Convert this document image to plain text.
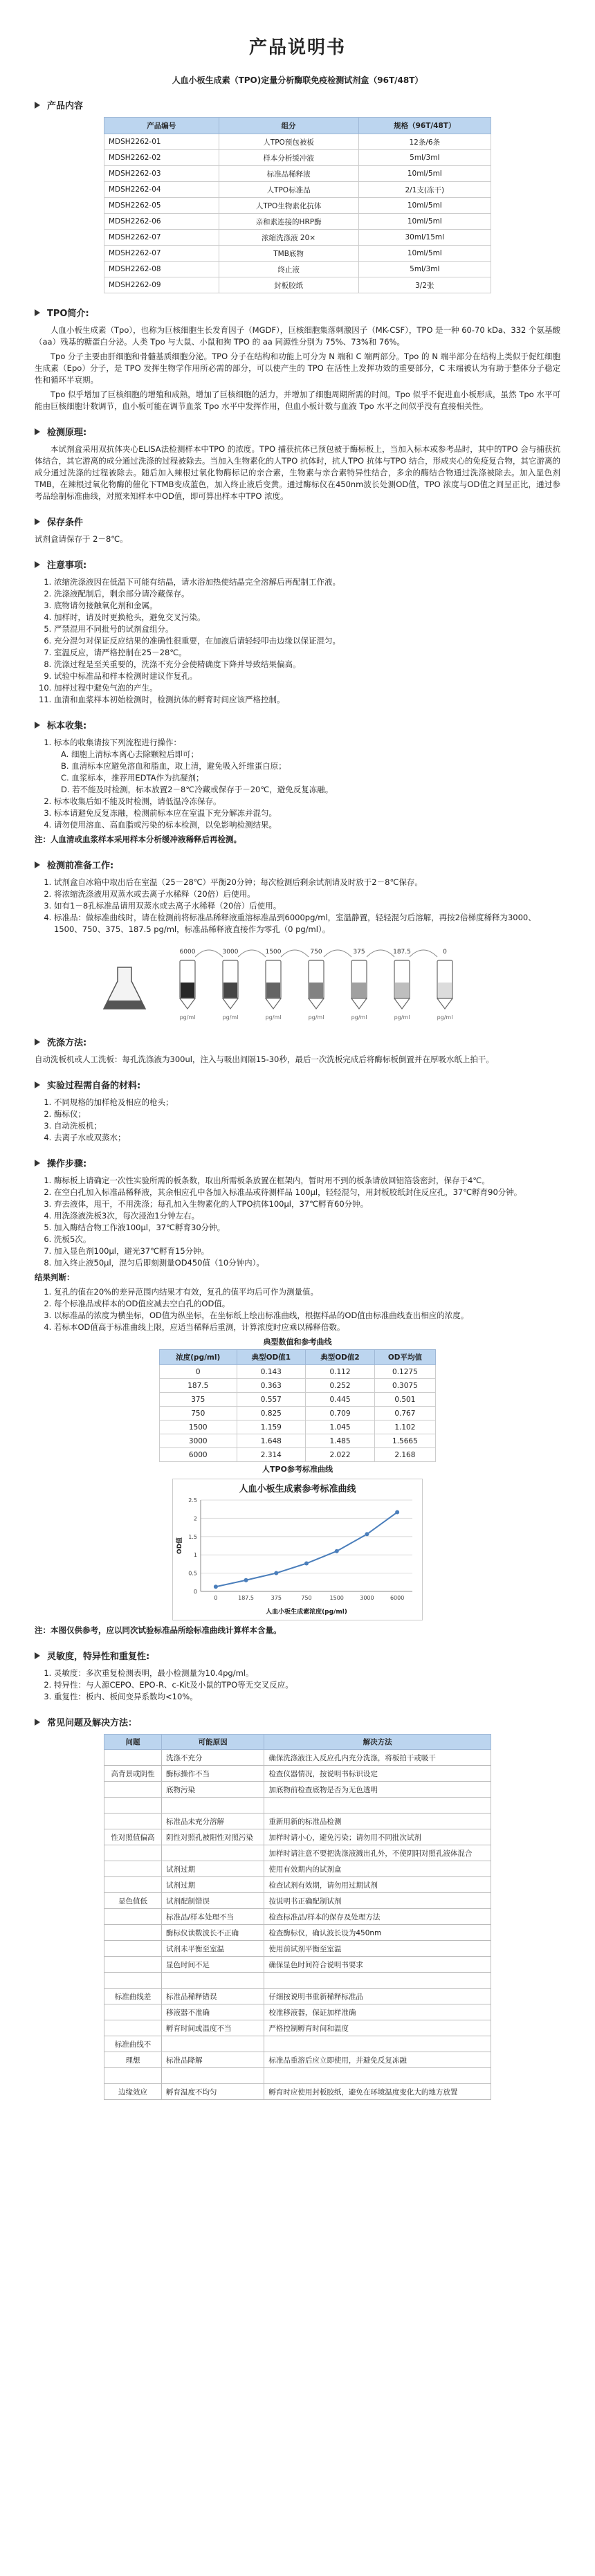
产品说明书
人血小板生成素（TPO)定量分析酶联免疫检测试剂盒（96T/48T）
产品内容
产品编号	组分	规格（96T/48T）
MDSH2262-01	人TPO预包被板	12条/6条
MDSH2262-02	样本分析缓冲液	5ml/3ml
MDSH2262-03	标准品稀释液	10ml/5ml
MDSH2262-04	人TPO标准品	2/1支(冻干)
MDSH2262-05	人TPO生物素化抗体	10ml/5ml
MDSH2262-06	亲和素连接的HRP酶	10ml/5ml
MDSH2262-07	浓缩洗涤液 20×	30ml/15ml
MDSH2262-07	TMB底物	10ml/5ml
MDSH2262-08	终止液	5ml/3ml
MDSH2262-09	封板胶纸	3/2张
TPO简介:

人血小板生成素（Tpo），也称为巨核细胞生长发育因子（MGDF），巨核细胞集落刺激因子（MK-CSF），TPO 是一种 60-70 kDa、332 个氨基酸（aa）残基的糖蛋白分泌。人类 Tpo 与大鼠、小鼠和狗 TPO 的 aa 同源性分别为 75%、73%和 76%。

Tpo 分子主要由肝细胞和骨髓基质细胞分泌。TPO 分子在结构和功能上可分为 N 端和 C 端两部分。Tpo 的 N 端半部分在结构上类似于促红细胞生成素（Epo）分子，是 TPO 发挥生物学作用所必需的部分，可以使产生的 TPO 在活性上发挥功效的重要部分，C 末端被认为有助于整体分子稳定性和循环半衰期。

Tpo 似乎增加了巨核细胞的增殖和成熟，增加了巨核细胞的活力，并增加了细胞周期所需的时间。Tpo 似乎不促进血小板形成，虽然 Tpo 水平可能由巨核细胞计数调节，血小板可能在调节血浆 Tpo 水平中发挥作用，但血小板计数与血液 Tpo 水平之间似乎没有直接相关性。

检测原理:

本试剂盒采用双抗体夹心ELISA法检测样本中TPO 的浓度。TPO 捕获抗体已预包被于酶标板上，当加入标本或参考品时，其中的TPO 会与捕获抗体结合，其它游离的成分通过洗涤的过程被除去。当加入生物素化的人TPO 抗体时，抗人TPO 抗体与TPO 结合，形成夹心的免疫复合物，其它游离的成分通过洗涤的过程被除去。随后加入辣根过氧化物酶标记的亲合素，生物素与亲合素特异性结合，多余的酶结合物通过洗涤被除去。加入显色剂TMB，在辣根过氧化物酶的催化下TMB变成蓝色，加入终止液后变黄。通过酶标仪在450nm波长处测OD值，TPO 浓度与OD值之间呈正比，通过参考品绘制标准曲线，对照来知样本中OD值，即可算出样本中TPO 浓度。

保存条件

试剂盒请保存于 2－8℃。

注意事项:
1. 浓缩洗涤液因在低温下可能有结晶，请水浴加热使结晶完全溶解后再配制工作液。
2. 洗涤液配制后，剩余部分请冷藏保存。
3. 底物请勿接触氧化剂和金属。
4. 加样时，请及时更换枪头，避免交叉污染。
5. 严禁混用不同批号的试剂盒组分。
6. 充分混匀对保证反应结果的准确性很重要，在加液后请轻轻叩击边缘以保证混匀。
7. 室温反应，请严格控制在25－28℃。
8. 洗涤过程是至关重要的，洗涤不充分会使精确度下降并导致结果偏高。
9. 试验中标准品和样本检测时建议作复孔。
10. 加样过程中避免气泡的产生。
11. 血清和血浆样本初始检测时，检测抗体的孵育时间应该严格控制。
标本收集:
1. 标本的收集请按下列流程进行操作：
A. 细胞上清标本离心去除颗粒后即可；
B. 血清标本应避免溶血和脂血，取上清，避免吸入纤维蛋白原；
C. 血浆标本，推荐用EDTA作为抗凝剂；
D. 若不能及时检测，标本放置2－8℃冷藏或保存于－20℃，避免反复冻融。
2. 标本收集后如不能及时检测，请低温冷冻保存。
3. 标本请避免反复冻融，检测前标本应在室温下充分解冻并混匀。
4. 请勿使用溶血、高血脂或污染的标本检测，以免影响检测结果。

注：人血清或血浆样本采用样本分析缓冲液稀释后再检测。

检测前准备工作:
1. 试剂盒自冰箱中取出后在室温（25－28℃）平衡20分钟；每次检测后剩余试剂请及时放于2－8℃保存。
2. 将浓缩洗涤液用双蒸水或去离子水稀释（20倍）后使用。
3. 如有1－8孔标准品请用双蒸水或去离子水稀释（20倍）后使用。
4. 标准品：做标准曲线时，请在检测前将标准品稀释液重溶标准品到6000pg/ml，室温静置，轻轻混匀后溶解，再按2倍梯度稀释为3000、1500、750、375、187.5 pg/ml，标准品稀释液直接作为零孔（0 pg/ml）。
6000
pg/ml
3000
pg/ml
1500
pg/ml
750
pg/ml
375
pg/ml
187.5
pg/ml
0
pg/ml
洗涤方法:

自动洗板机或人工洗板：每孔洗涤液为300ul，注入与吸出间隔15-30秒，最后一次洗板完成后将酶标板倒置并在厚吸水纸上拍干。

实验过程需自备的材料:
1. 不同规格的加样枪及相应的枪头；
2. 酶标仪；
3. 自动洗板机；
4. 去离子水或双蒸水；
操作步骤:
1. 酶标板上请确定一次性实验所需的板条数，取出所需板条放置在框架内，暂时用不到的板条请放回铝箔袋密封，保存于4℃。
2. 在空白孔加入标准品稀释液，其余相应孔中各加入标准品或待测样品 100μl，轻轻混匀，用封板胶纸封住反应孔，37℃孵育90分钟。
3. 弃去液体，甩干，不用洗涤；每孔加入生物素化的人TPO抗体100μl，37℃孵育60分钟。
4. 用洗涤液洗板3次，每次浸泡1分钟左右。
5. 加入酶结合物工作液100μl，37℃孵育30分钟。
6. 洗板5次。
7. 加入显色剂100μl，避光37℃孵育15分钟。
8. 加入终止液50μl，混匀后即刻测量OD450值（10分钟内）。

结果判断：

1. 复孔的值在20%的差异范围内结果才有效，复孔的值平均后可作为测量值。
2. 每个标准品或样本的OD值应减去空白孔的OD值。
3. 以标准品的浓度为横坐标，OD值为纵坐标，在坐标纸上绘出标准曲线，根据样品的OD值由标准曲线查出相应的浓度。
4. 若标本OD值高于标准曲线上限，应适当稀释后重测，计算浓度时应乘以稀释倍数。
典型数值和参考曲线
浓度(pg/ml)	典型OD值1	典型OD值2	OD平均值
0	0.143	0.112	0.1275
187.5	0.363	0.252	0.3075
375	0.557	0.445	0.501
750	0.825	0.709	0.767
1500	1.159	1.045	1.102
3000	1.648	1.485	1.5665
6000	2.314	2.022	2.168
人TPO参考标准曲线
人血小板生成素参考标准曲线
0
0.5
1
1.5
2
2.5
0	187.5	375	750	1500	3000	6000
人血小板生成素浓度(pg/ml)
OD值

注：本图仅供参考，应以同次试验标准品所绘标准曲线计算样本含量。

灵敏度，特异性和重复性:
1. 灵敏度：多次重复检测表明，最小检测量为10.4pg/ml。
2. 特异性：与人源CEPO、EPO-R、c-Kit及小鼠的TPO等无交叉反应。
3. 重复性：板内、板间变异系数均<10%。
常见问题及解决方法：
问题	可能原因	解决方法
	洗涤不充分	确保洗涤液注入反应孔内充分洗涤，将板拍干或吸干
高背景或阴性	酶标操作不当	检查仪器情况，按说明书标识设定
	底物污染	加底物前检查底物是否为无色透明

	标准品未充分溶解	重新用新的标准品检测
性对照值偏高	阴性对照孔被阳性对照污染	加样时请小心，避免污染；请勿用不同批次试剂
		加样时请注意不要把洗涤液溅出孔外，不使阴阳对照孔液体混合
	试剂过期	使用有效期内的试剂盒
	试剂过期	检查试剂有效期，请勿用过期试剂
显色值低	试剂配制错误	按说明书正确配制试剂
	标准品/样本处理不当	检查标准品/样本的保存及处理方法
	酶标仪读数波长不正确	检查酶标仪，确认波长设为450nm
	试剂未平衡至室温	使用前试剂平衡至室温
	显色时间不足	确保显色时间符合说明书要求

标准曲线差	标准品稀释错误	仔细按说明书重新稀释标准品
	移液器不准确	校准移液器，保证加样准确
	孵育时间或温度不当	严格控制孵育时间和温度
标准曲线不		
理想	标准品降解	标准品重溶后应立即使用，并避免反复冻融

边缘效应	孵育温度不均匀	孵育时应使用封板胶纸，避免在环境温度变化大的地方放置
